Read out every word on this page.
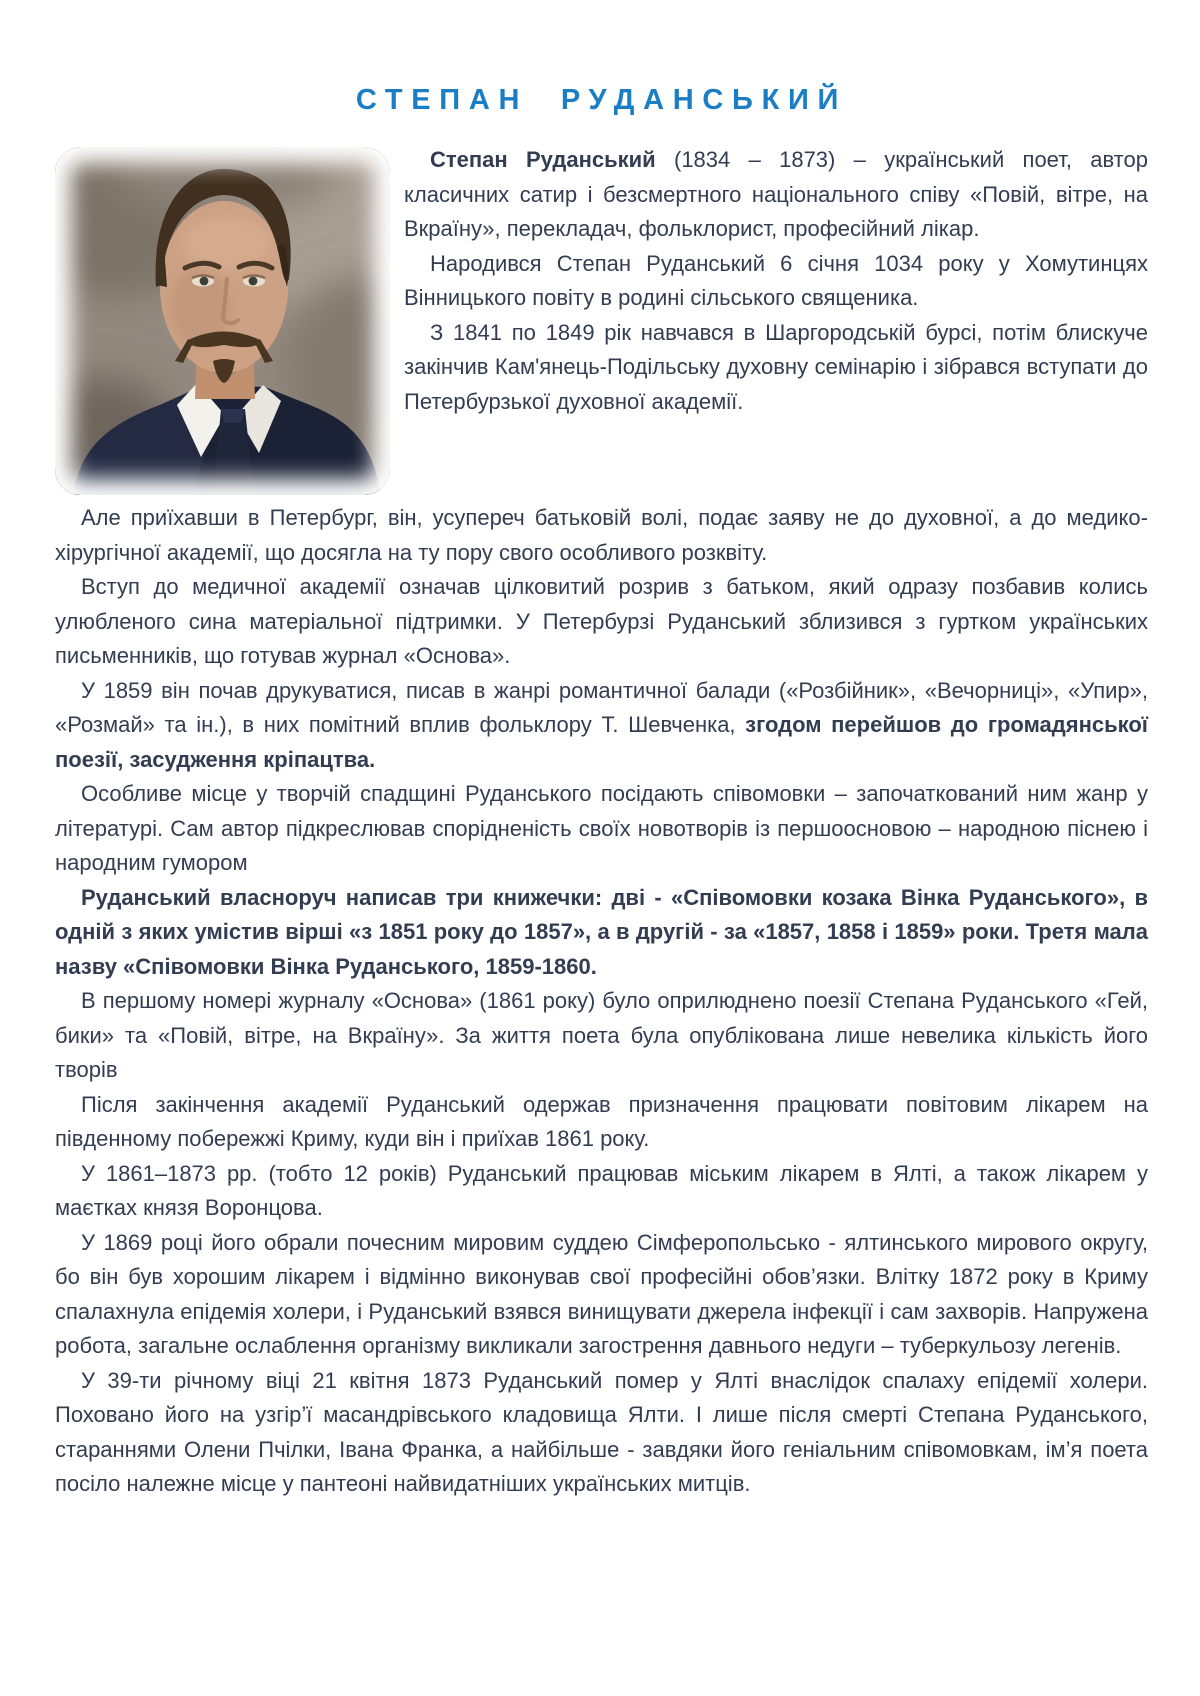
СТЕПАН РУДАНСЬКИЙ

Степан Руданський (1834 – 1873) – український поет, автор класичних сатир і безсмертного національного співу «Повій, вітре, на Вкраїну», перекладач, фольклорист, професійний лікар.

Народився Степан Руданський 6 січня 1034 року у Хомутинцях Вінницького повіту в родині сільського священика.

З 1841 по 1849 рік навчався в Шаргородській бурсі, потім блискуче закінчив Кам'янець-Подільську духовну семінарію і зібрався вступати до Петербурзької духовної академії.

Але приїхавши в Петербург, він, усупереч батьковій волі, подає заяву не до духовної, а до медико-хірургічної академії, що досягла на ту пору свого особливого розквіту.

Вступ до медичної академії означав цілковитий розрив з батьком, який одразу позбавив колись улюбленого сина матеріальної підтримки. У Петербурзі Руданський зблизився з гуртком українських письменників, що готував журнал «Основа».

У 1859 він почав друкуватися, писав в жанрі романтичної балади («Розбійник», «Вечорниці», «Упир», «Розмай» та ін.), в них помітний вплив фольклору Т. Шевченка, згодом перейшов до громадянської поезії, засудження кріпацтва.

Особливе місце у творчій спадщині Руданського посідають співомовки – започаткований ним жанр у літературі. Сам автор підкреслював спорідненість своїх новотворів із першоосновою – народною піснею і народним гумором

Руданський власноруч написав три книжечки: дві - «Співомовки козака Вінка Руданського», в одній з яких умістив вірші «з 1851 року до 1857», а в другій - за «1857, 1858 і 1859» роки. Третя мала назву «Співомовки Вінка Руданського, 1859-1860.

В першому номері журналу «Основа» (1861 року) було оприлюднено поезії Степана Руданського «Гей, бики» та «Повій, вітре, на Вкраїну». За життя поета була опублікована лише невелика кількість його творів

Після закінчення академії Руданський одержав призначення працювати повітовим лікарем на південному побережжі Криму, куди він і приїхав 1861 року.

У 1861–1873 рр. (тобто 12 років) Руданський працював міським лікарем в Ялті, а також лікарем у маєтках князя Воронцова.

У 1869 році його обрали почесним мировим суддею Сімферопольсько - ялтинського мирового округу, бо він був хорошим лікарем і відмінно виконував свої професійні обов’язки. Влітку 1872 року в Криму спалахнула епідемія холери, і Руданський взявся винищувати джерела інфекції і сам захворів. Напружена робота, загальне ослаблення організму викликали загострення давнього недуги – туберкульозу легенів.

У 39-ти річному віці 21 квітня 1873 Руданський помер у Ялті внаслідок спалаху епідемії холери. Поховано його на узгір’ї масандрівського кладовища Ялти. І лише після смерті Степана Руданського, стараннями Олени Пчілки, Івана Франка, а найбільше - завдяки його геніальним співомовкам, ім’я поета посіло належне місце у пантеоні найвидатніших українських митців.
